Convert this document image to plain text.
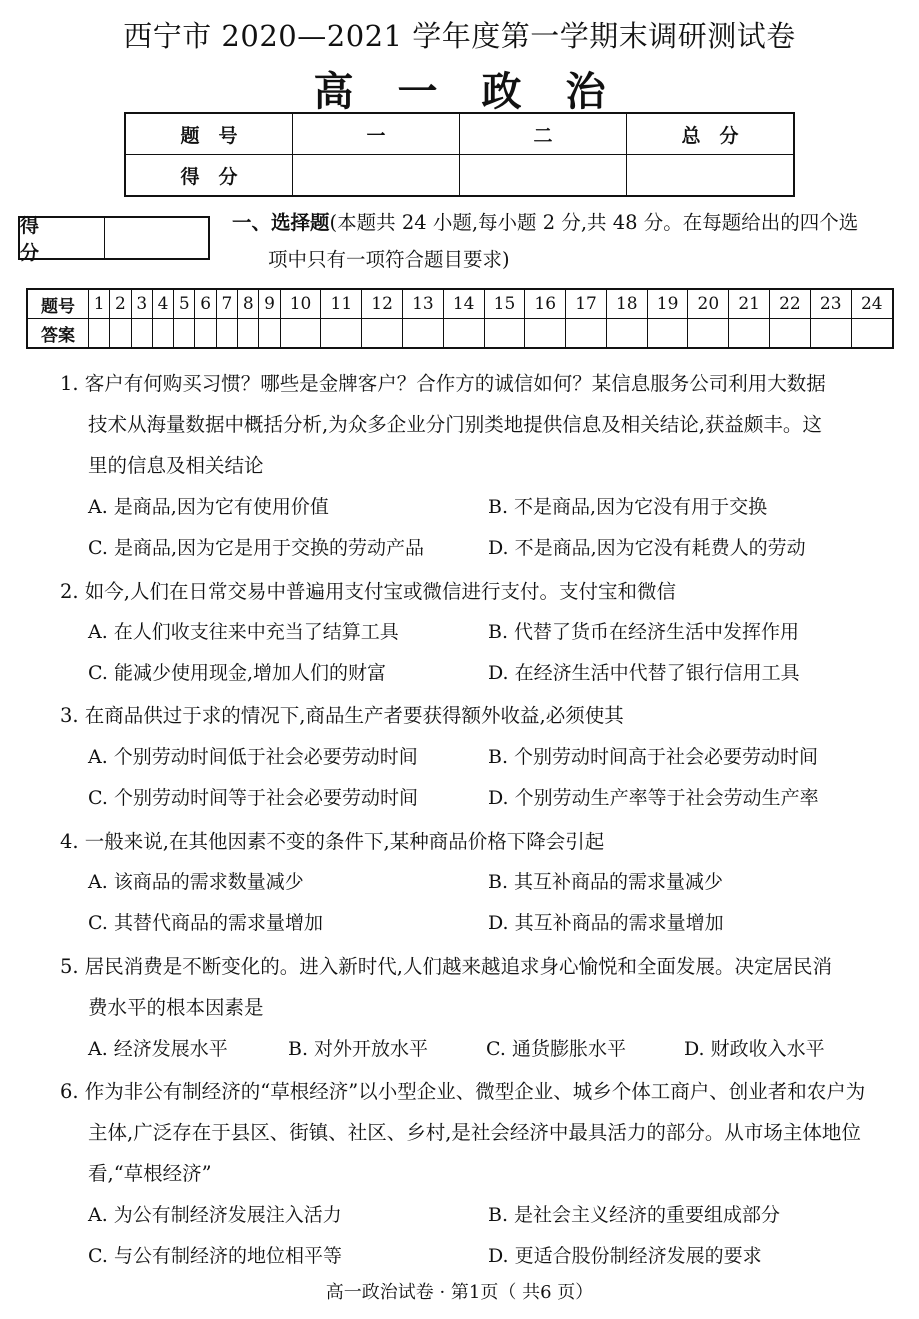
西宁市 2020—2021 学年度第一学期末调研测试卷
高 一 政 治
题　号	一	二	总　分
得　分			
得　分
一、选择题(本题共 24 小题,每小题 2 分,共 48 分。在每题给出的四个选
项中只有一项符合题目要求)
题号	1	2	3	4	5	6	7	8	9	10	11	12	13	14	15	16	17	18	19	20	21	22	23	24
答案																								
1. 客户有何购买习惯？哪些是金牌客户？合作方的诚信如何？某信息服务公司利用大数据
技术从海量数据中概括分析,为众多企业分门别类地提供信息及相关结论,获益颇丰。这
里的信息及相关结论
A. 是商品,因为它有使用价值	B. 不是商品,因为它没有用于交换
C. 是商品,因为它是用于交换的劳动产品	D. 不是商品,因为它没有耗费人的劳动
2. 如今,人们在日常交易中普遍用支付宝或微信进行支付。支付宝和微信
A. 在人们收支往来中充当了结算工具	B. 代替了货币在经济生活中发挥作用
C. 能减少使用现金,增加人们的财富	D. 在经济生活中代替了银行信用工具
3. 在商品供过于求的情况下,商品生产者要获得额外收益,必须使其
A. 个别劳动时间低于社会必要劳动时间	B. 个别劳动时间高于社会必要劳动时间
C. 个别劳动时间等于社会必要劳动时间	D. 个别劳动生产率等于社会劳动生产率
4. 一般来说,在其他因素不变的条件下,某种商品价格下降会引起
A. 该商品的需求数量减少	B. 其互补商品的需求量减少
C. 其替代商品的需求量增加	D. 其互补商品的需求量增加
5. 居民消费是不断变化的。进入新时代,人们越来越追求身心愉悦和全面发展。决定居民消
费水平的根本因素是
A. 经济发展水平	B. 对外开放水平	C. 通货膨胀水平	D. 财政收入水平
6. 作为非公有制经济的“草根经济”以小型企业、微型企业、城乡个体工商户、创业者和农户为
主体,广泛存在于县区、街镇、社区、乡村,是社会经济中最具活力的部分。从市场主体地位
看,“草根经济”
A. 为公有制经济发展注入活力	B. 是社会主义经济的重要组成部分
C. 与公有制经济的地位相平等	D. 更适合股份制经济发展的要求
高一政治试卷 · 第1页（ 共6 页）
